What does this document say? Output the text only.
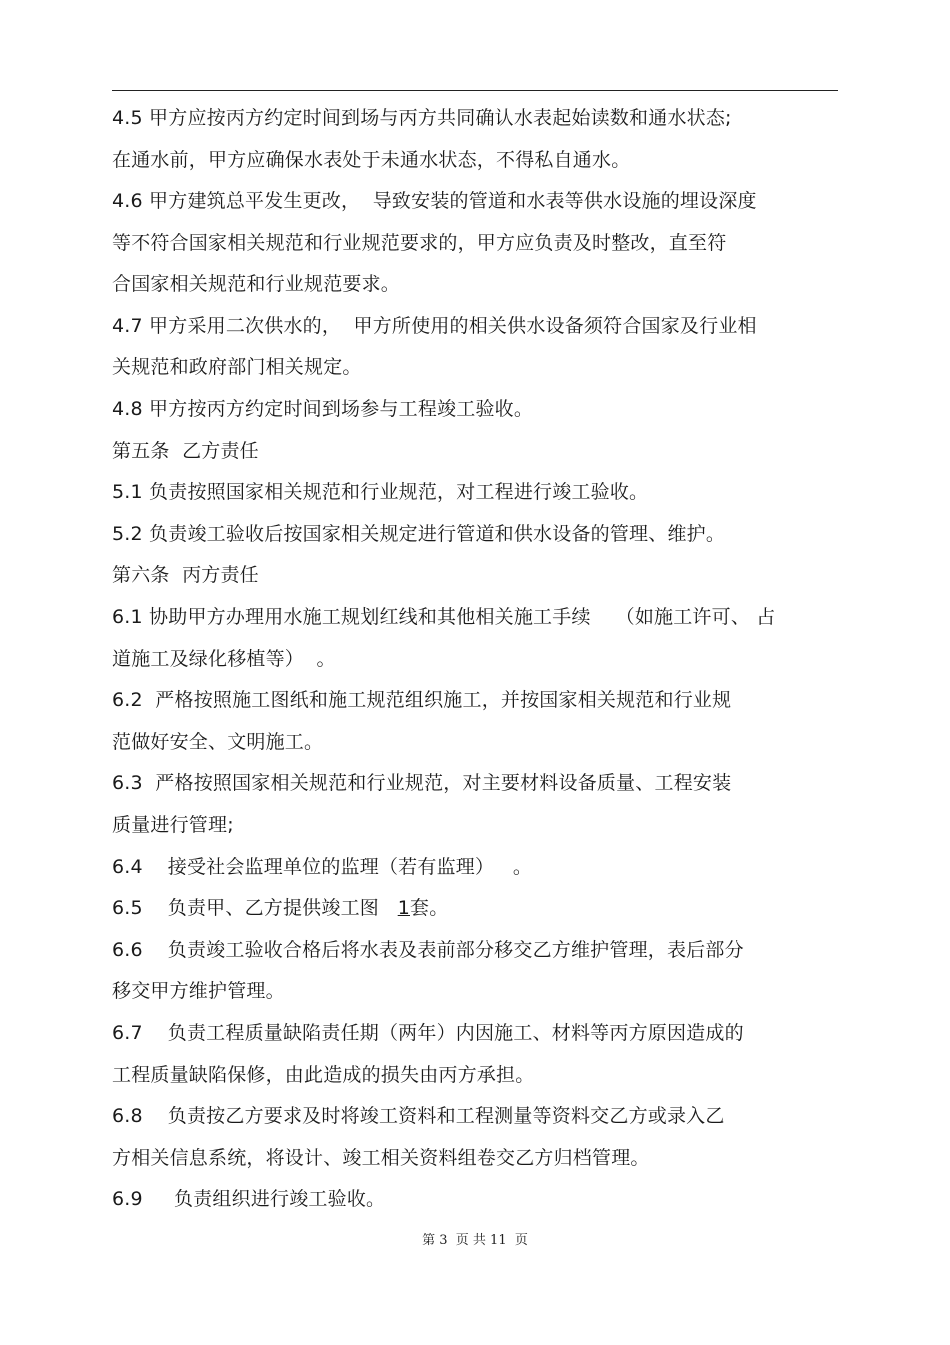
4.5 甲方应按丙方约定时间到场与丙方共同确认水表起始读数和通水状态;
在通水前，甲方应确保水表处于未通水状态，不得私自通水。
4.6 甲方建筑总平发生更改，  导致安装的管道和水表等供水设施的埋设深度
等不符合国家相关规范和行业规范要求的，甲方应负责及时整改，直至符
合国家相关规范和行业规范要求。
4.7 甲方采用二次供水的，  甲方所使用的相关供水设备须符合国家及行业相
关规范和政府部门相关规定。
4.8 甲方按丙方约定时间到场参与工程竣工验收。
第五条  乙方责任
5.1 负责按照国家相关规范和行业规范，对工程进行竣工验收。
5.2 负责竣工验收后按国家相关规定进行管道和供水设备的管理、维护。
第六条  丙方责任
6.1 协助甲方办理用水施工规划红线和其他相关施工手续    （如施工许可、 占
道施工及绿化移植等）  。
6.2  严格按照施工图纸和施工规范组织施工，并按国家相关规范和行业规
范做好安全、文明施工。
6.3  严格按照国家相关规范和行业规范，对主要材料设备质量、工程安装
质量进行管理;
6.4    接受社会监理单位的监理（若有监理）   。
6.5    负责甲、乙方提供竣工图   1套。
6.6    负责竣工验收合格后将水表及表前部分移交乙方维护管理，表后部分
移交甲方维护管理。
6.7    负责工程质量缺陷责任期（两年）内因施工、材料等丙方原因造成的
工程质量缺陷保修，由此造成的损失由丙方承担。
6.8    负责按乙方要求及时将竣工资料和工程测量等资料交乙方或录入乙
方相关信息系统，将设计、竣工相关资料组卷交乙方归档管理。
6.9     负责组织进行竣工验收。
第 3  页 共 11  页
